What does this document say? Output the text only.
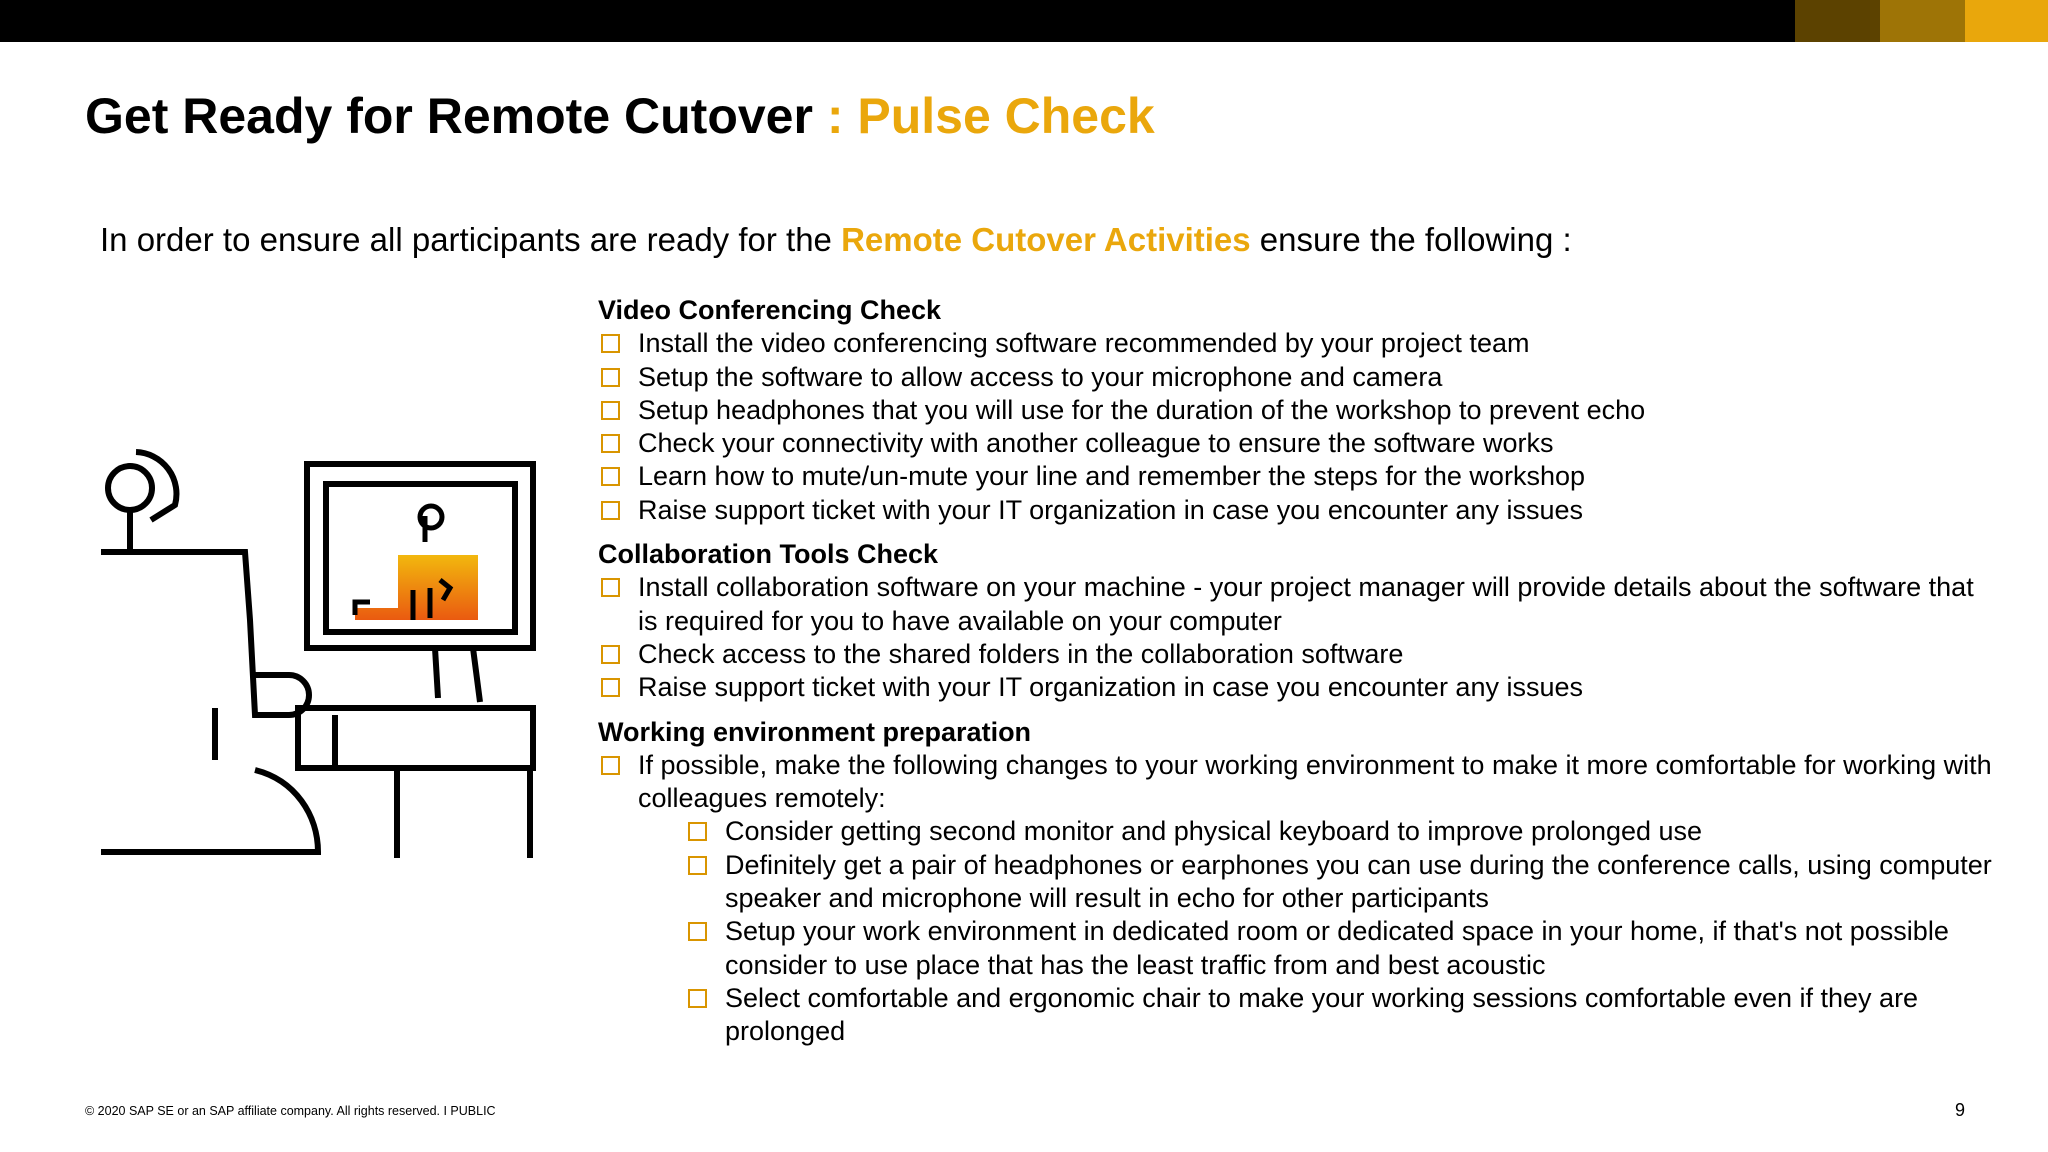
Get Ready for Remote Cutover : Pulse Check
In order to ensure all participants are ready for the Remote Cutover Activities ensure the following :
Video Conferencing Check
Install the video conferencing software recommended by your project team
Setup the software to allow access to your microphone and camera
Setup headphones that you will use for the duration of the workshop to prevent echo
Check your connectivity with another colleague to ensure the software works
Learn how to mute/un-mute your line and remember the steps for the workshop
Raise support ticket with your IT organization in case you encounter any issues
Collaboration Tools Check
Install collaboration software on your machine - your project manager will provide details about the software that is required for you to have available on your computer
Check access to the shared folders in the collaboration software
Raise support ticket with your IT organization in case you encounter any issues
Working environment preparation
If possible, make the following changes to your working environment to make it more comfortable for working with colleagues remotely:
Consider getting second monitor and physical keyboard to improve prolonged use
Definitely get a pair of headphones or earphones you can use during the conference calls, using computer speaker and microphone will result in echo for other participants
Setup your work environment in dedicated room or dedicated space in your home, if that's not possible consider to use place that has the least traffic from and best acoustic
Select comfortable and ergonomic chair to make your working sessions comfortable even if they are prolonged
© 2020 SAP SE or an SAP affiliate company. All rights reserved. I PUBLIC	9
